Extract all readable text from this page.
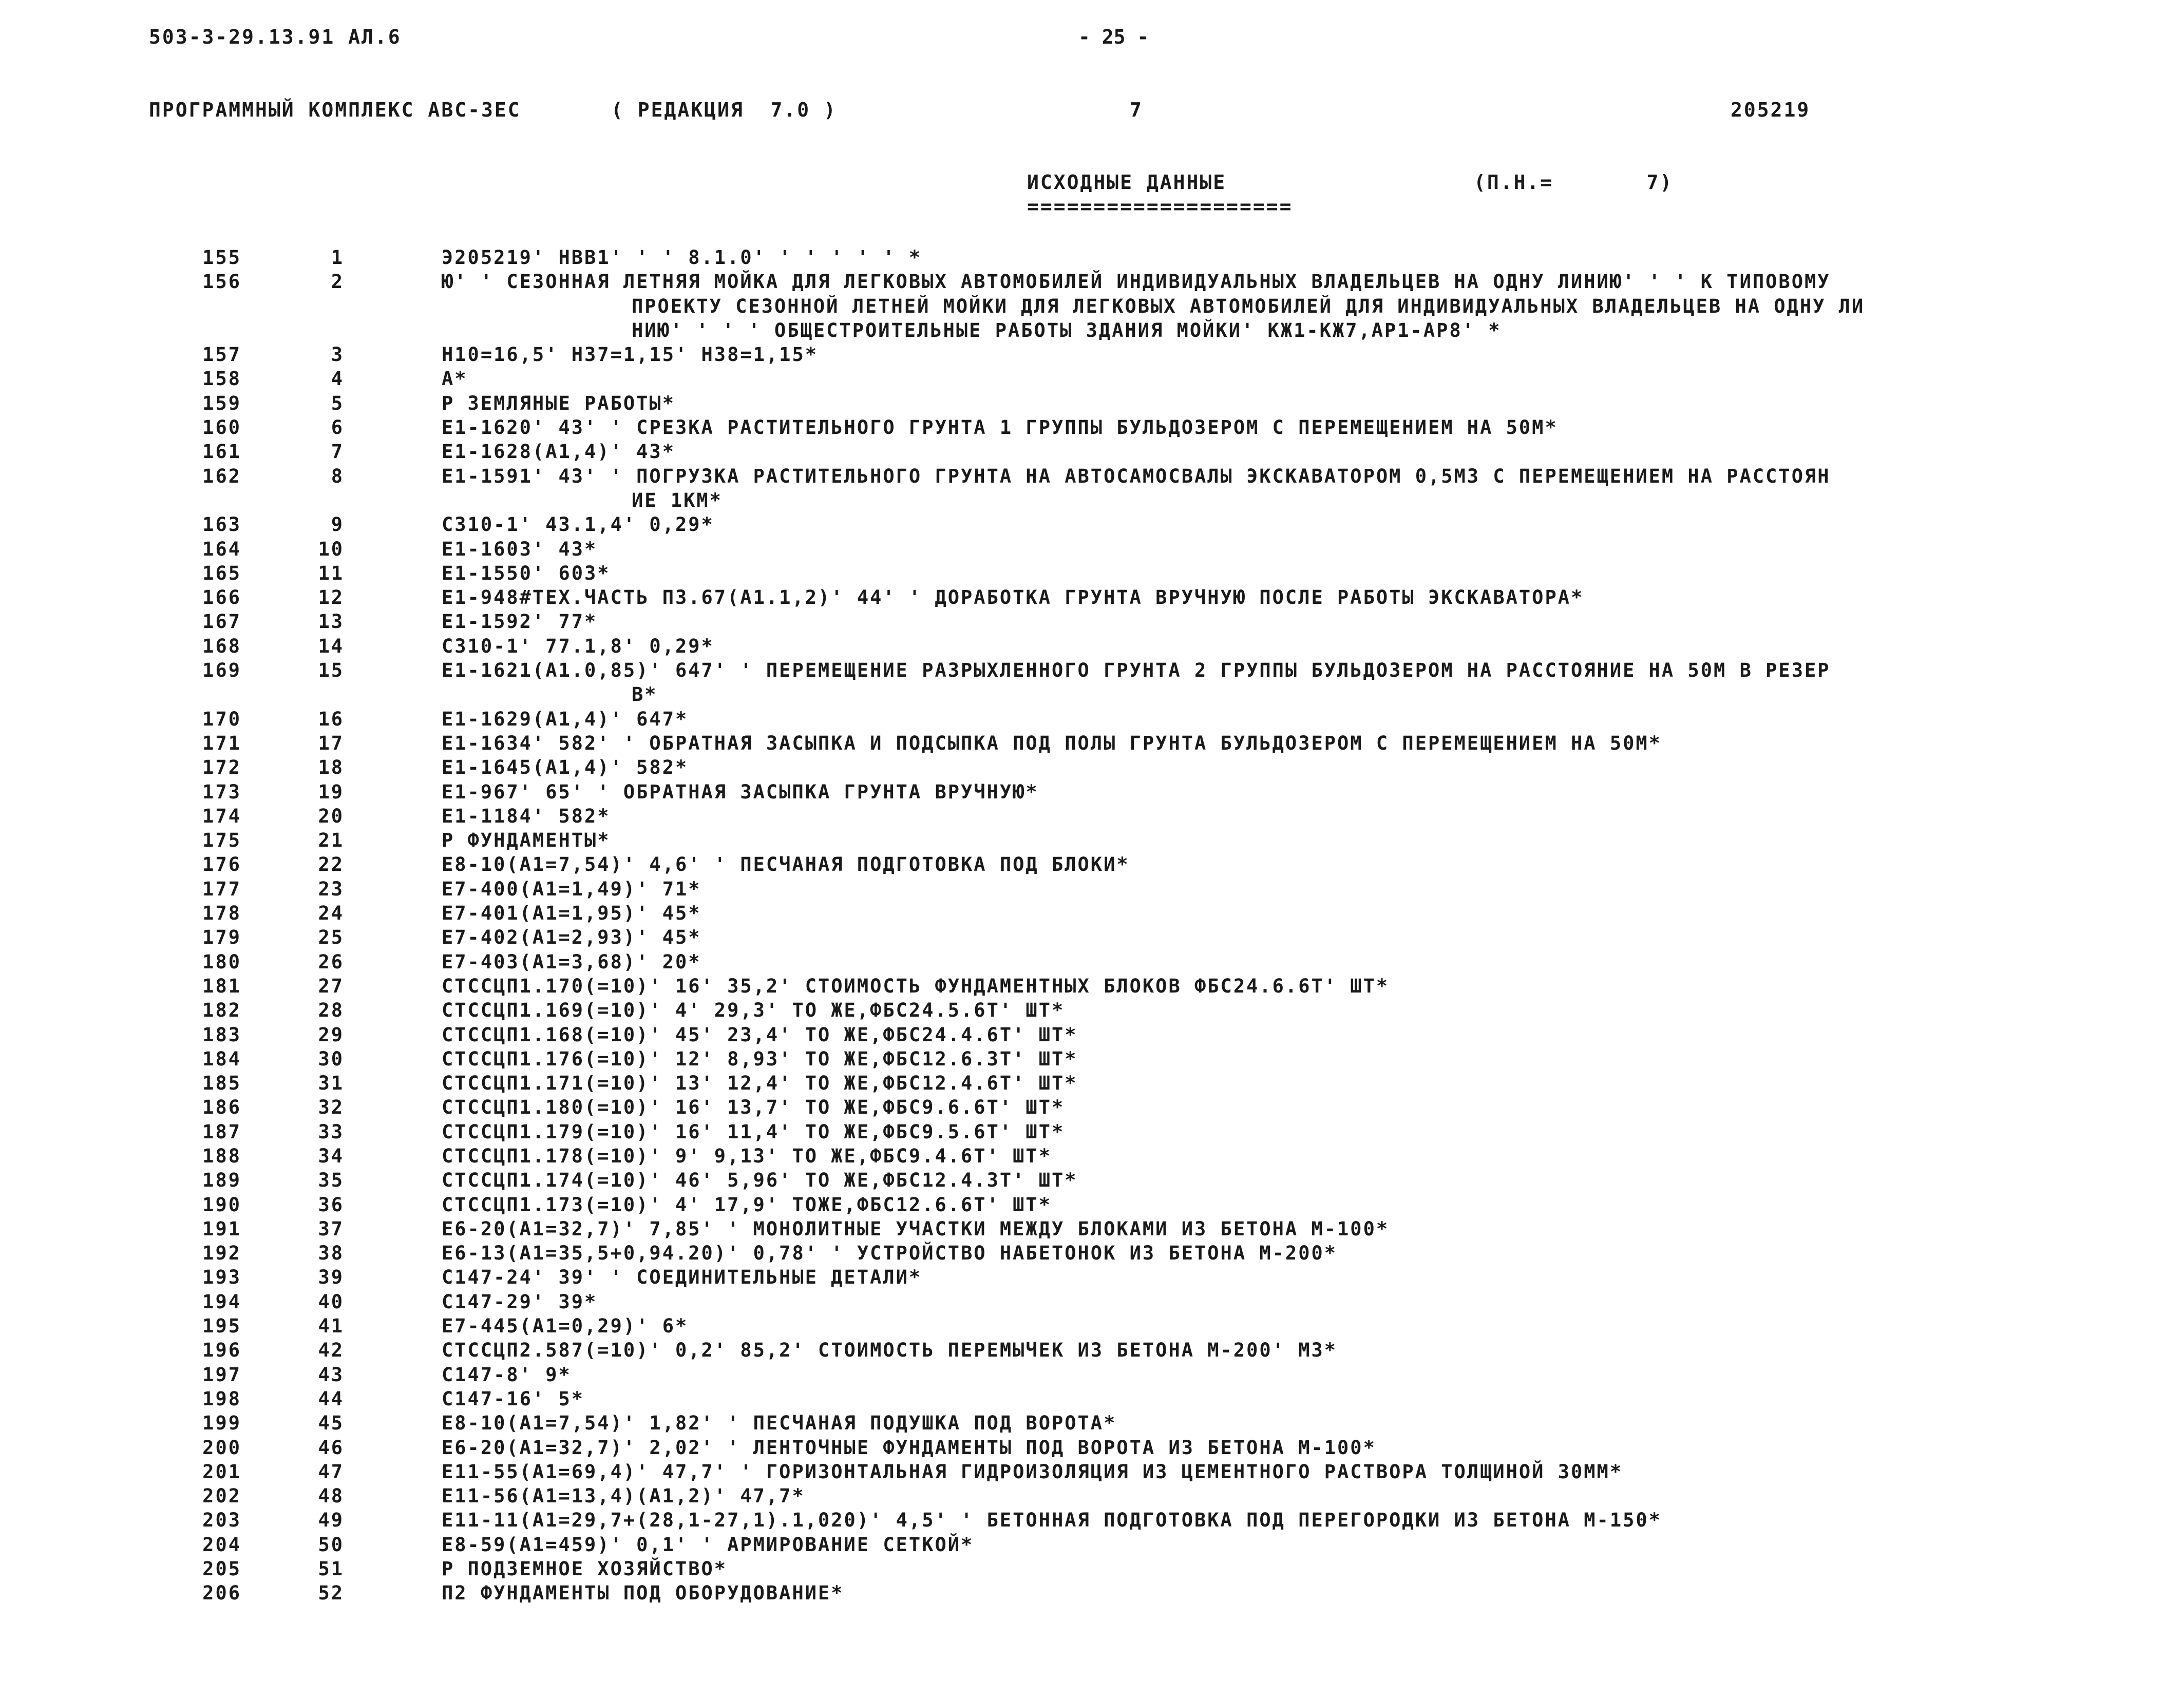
503-3-29.13.91 АЛ.6	- 25 -
ПРОГРАММНЫЙ КОМПЛЕКС АВС-3ЕС	( РЕДАКЦИЯ  7.0 )	7	205219
ИСХОДНЫЕ ДАННЫЕ
====================
(П.Н.=	7)
155	1	Э205219' НВВ1' ' ' 8.1.0' ' ' ' ' ' *
156	2	Ю' ' СЕЗОННАЯ ЛЕТНЯЯ МОЙКА ДЛЯ ЛЕГКОВЫХ АВТОМОБИЛЕЙ ИНДИВИДУАЛЬНЫХ ВЛАДЕЛЬЦЕВ НА ОДНУ ЛИНИЮ' ' ' К ТИПОВОМУ
ПРОЕКТУ СЕЗОННОЙ ЛЕТНЕЙ МОЙКИ ДЛЯ ЛЕГКОВЫХ АВТОМОБИЛЕЙ ДЛЯ ИНДИВИДУАЛЬНЫХ ВЛАДЕЛЬЦЕВ НА ОДНУ ЛИ
НИЮ' ' ' ' ОБЩЕСТРОИТЕЛЬНЫЕ РАБОТЫ ЗДАНИЯ МОЙКИ' КЖ1-КЖ7,АР1-АР8' *
157	3	Н10=16,5' Н37=1,15' Н38=1,15*
158	4	А*
159	5	Р ЗЕМЛЯНЫЕ РАБОТЫ*
160	6	Е1-1620' 43' ' СРЕЗКА РАСТИТЕЛЬНОГО ГРУНТА 1 ГРУППЫ БУЛЬДОЗЕРОМ С ПЕРЕМЕЩЕНИЕМ НА 50М*
161	7	Е1-1628(А1,4)' 43*
162	8	Е1-1591' 43' ' ПОГРУЗКА РАСТИТЕЛЬНОГО ГРУНТА НА АВТОСАМОСВАЛЫ ЭКСКАВАТОРОМ 0,5М3 С ПЕРЕМЕЩЕНИЕМ НА РАССТОЯН
ИЕ 1КМ*
163	9	С310-1' 43.1,4' 0,29*
164	10	Е1-1603' 43*
165	11	Е1-1550' 603*
166	12	Е1-948#ТЕХ.ЧАСТЬ П3.67(А1.1,2)' 44' ' ДОРАБОТКА ГРУНТА ВРУЧНУЮ ПОСЛЕ РАБОТЫ ЭКСКАВАТОРА*
167	13	Е1-1592' 77*
168	14	С310-1' 77.1,8' 0,29*
169	15	Е1-1621(А1.0,85)' 647' ' ПЕРЕМЕЩЕНИЕ РАЗРЫХЛЕННОГО ГРУНТА 2 ГРУППЫ БУЛЬДОЗЕРОМ НА РАССТОЯНИЕ НА 50М В РЕЗЕР
В*
170	16	Е1-1629(А1,4)' 647*
171	17	Е1-1634' 582' ' ОБРАТНАЯ ЗАСЫПКА И ПОДСЫПКА ПОД ПОЛЫ ГРУНТА БУЛЬДОЗЕРОМ С ПЕРЕМЕЩЕНИЕМ НА 50М*
172	18	Е1-1645(А1,4)' 582*
173	19	Е1-967' 65' ' ОБРАТНАЯ ЗАСЫПКА ГРУНТА ВРУЧНУЮ*
174	20	Е1-1184' 582*
175	21	Р ФУНДАМЕНТЫ*
176	22	Е8-10(А1=7,54)' 4,6' ' ПЕСЧАНАЯ ПОДГОТОВКА ПОД БЛОКИ*
177	23	Е7-400(А1=1,49)' 71*
178	24	Е7-401(А1=1,95)' 45*
179	25	Е7-402(А1=2,93)' 45*
180	26	Е7-403(А1=3,68)' 20*
181	27	СТССЦП1.170(=10)' 16' 35,2' СТОИМОСТЬ ФУНДАМЕНТНЫХ БЛОКОВ ФБС24.6.6Т' ШТ*
182	28	СТССЦП1.169(=10)' 4' 29,3' ТО ЖЕ,ФБС24.5.6Т' ШТ*
183	29	СТССЦП1.168(=10)' 45' 23,4' ТО ЖЕ,ФБС24.4.6Т' ШТ*
184	30	СТССЦП1.176(=10)' 12' 8,93' ТО ЖЕ,ФБС12.6.3Т' ШТ*
185	31	СТССЦП1.171(=10)' 13' 12,4' ТО ЖЕ,ФБС12.4.6Т' ШТ*
186	32	СТССЦП1.180(=10)' 16' 13,7' ТО ЖЕ,ФБС9.6.6Т' ШТ*
187	33	СТССЦП1.179(=10)' 16' 11,4' ТО ЖЕ,ФБС9.5.6Т' ШТ*
188	34	СТССЦП1.178(=10)' 9' 9,13' ТО ЖЕ,ФБС9.4.6Т' ШТ*
189	35	СТССЦП1.174(=10)' 46' 5,96' ТО ЖЕ,ФБС12.4.3Т' ШТ*
190	36	СТССЦП1.173(=10)' 4' 17,9' ТОЖЕ,ФБС12.6.6Т' ШТ*
191	37	Е6-20(А1=32,7)' 7,85' ' МОНОЛИТНЫЕ УЧАСТКИ МЕЖДУ БЛОКАМИ ИЗ БЕТОНА М-100*
192	38	Е6-13(А1=35,5+0,94.20)' 0,78' ' УСТРОЙСТВО НАБЕТОНОК ИЗ БЕТОНА М-200*
193	39	С147-24' 39' ' СОЕДИНИТЕЛЬНЫЕ ДЕТАЛИ*
194	40	С147-29' 39*
195	41	Е7-445(А1=0,29)' 6*
196	42	СТССЦП2.587(=10)' 0,2' 85,2' СТОИМОСТЬ ПЕРЕМЫЧЕК ИЗ БЕТОНА М-200' М3*
197	43	С147-8' 9*
198	44	С147-16' 5*
199	45	Е8-10(А1=7,54)' 1,82' ' ПЕСЧАНАЯ ПОДУШКА ПОД ВОРОТА*
200	46	Е6-20(А1=32,7)' 2,02' ' ЛЕНТОЧНЫЕ ФУНДАМЕНТЫ ПОД ВОРОТА ИЗ БЕТОНА М-100*
201	47	Е11-55(А1=69,4)' 47,7' ' ГОРИЗОНТАЛЬНАЯ ГИДРОИЗОЛЯЦИЯ ИЗ ЦЕМЕНТНОГО РАСТВОРА ТОЛЩИНОЙ 30ММ*
202	48	Е11-56(А1=13,4)(А1,2)' 47,7*
203	49	Е11-11(А1=29,7+(28,1-27,1).1,020)' 4,5' ' БЕТОННАЯ ПОДГОТОВКА ПОД ПЕРЕГОРОДКИ ИЗ БЕТОНА М-150*
204	50	Е8-59(А1=459)' 0,1' ' АРМИРОВАНИЕ СЕТКОЙ*
205	51	Р ПОДЗЕМНОЕ ХОЗЯЙСТВО*
206	52	П2 ФУНДАМЕНТЫ ПОД ОБОРУДОВАНИЕ*
